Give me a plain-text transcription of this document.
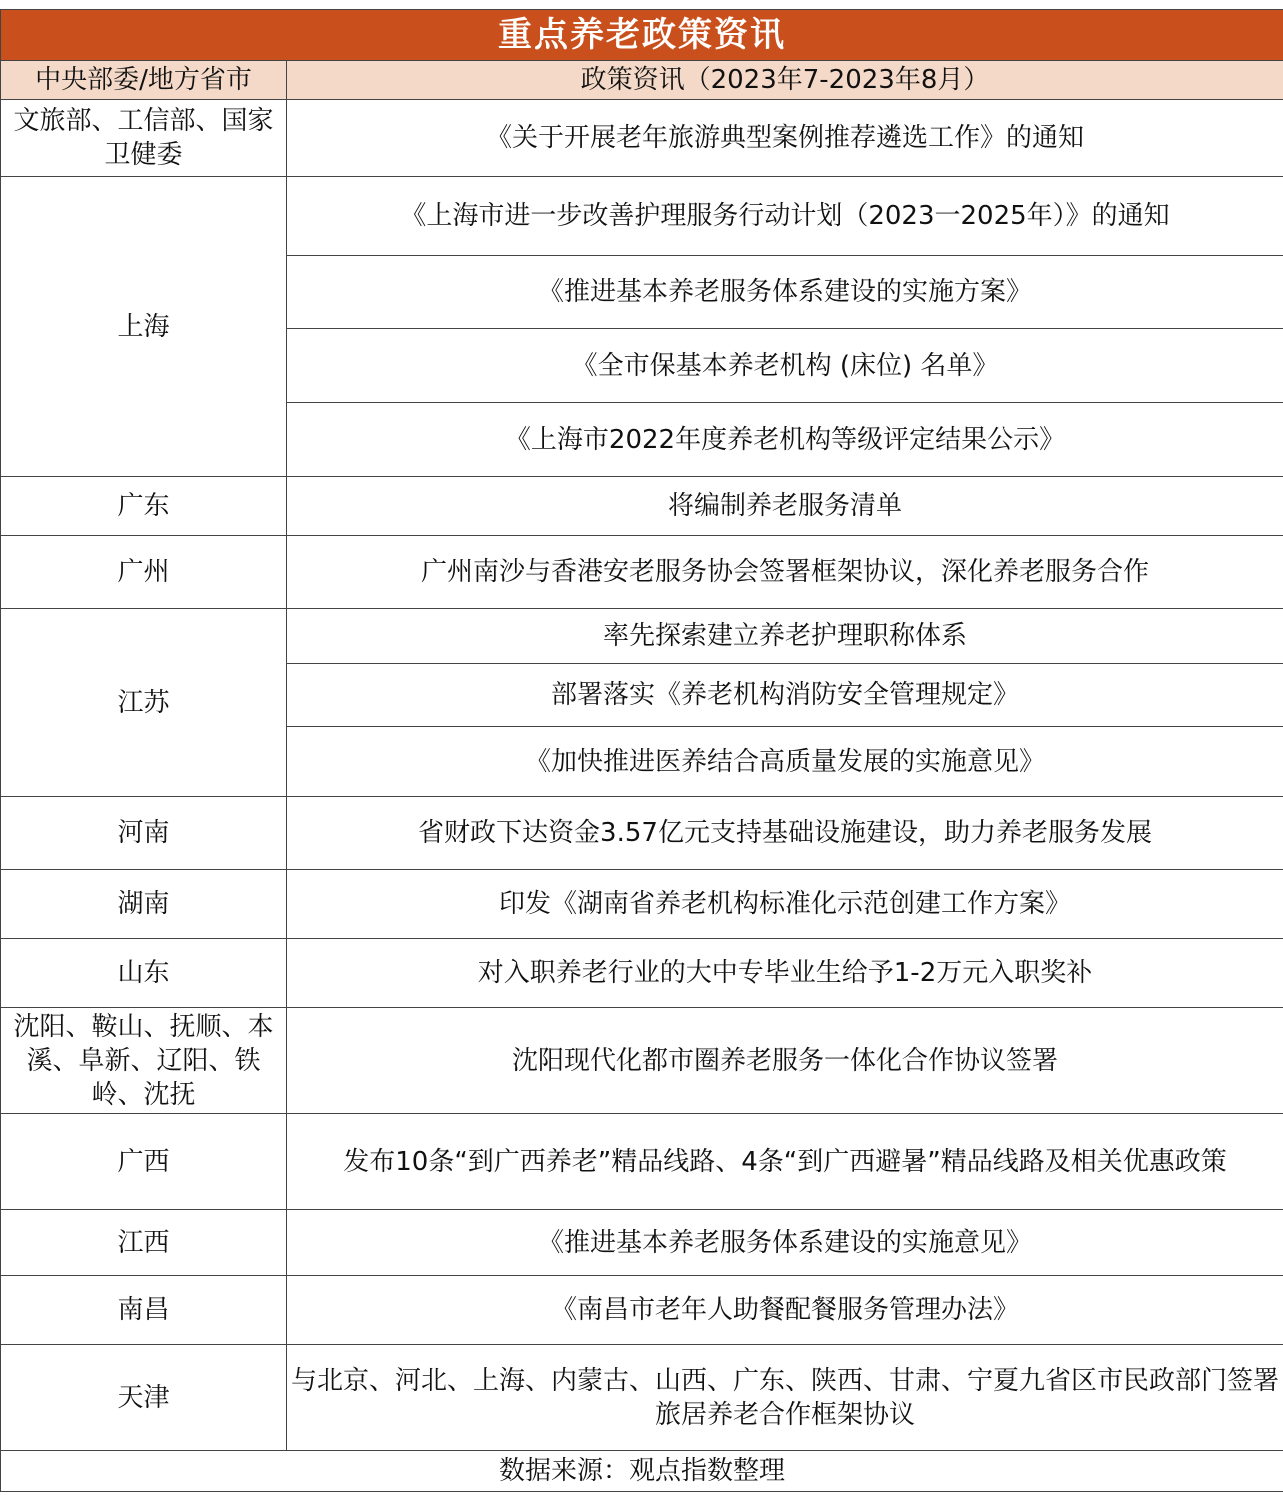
重点养老政策资讯	
中央部委/地方省市	政策资讯（2023年7-2023年8月）
文旅部、工信部、国家卫健委	《关于开展老年旅游典型案例推荐遴选工作》的通知
上海	《上海市进一步改善护理服务行动计划（2023一2025年）》的通知
	《推进基本养老服务体系建设的实施方案》
	《全市保基本养老机构 (床位) 名单》
	《上海市2022年度养老机构等级评定结果公示》
广东	将编制养老服务清单
广州	广州南沙与香港安老服务协会签署框架协议，深化养老服务合作
江苏	率先探索建立养老护理职称体系
	部署落实《养老机构消防安全管理规定》
	《加快推进医养结合高质量发展的实施意见》
河南	省财政下达资金3.57亿元支持基础设施建设，助力养老服务发展
湖南	印发《湖南省养老机构标准化示范创建工作方案》
山东	对入职养老行业的大中专毕业生给予1-2万元入职奖补
沈阳、鞍山、抚顺、本溪、阜新、辽阳、铁岭、沈抚	沈阳现代化都市圈养老服务一体化合作协议签署
广西	发布10条“到广西养老”精品线路、4条“到广西避暑”精品线路及相关优惠政策
江西	《推进基本养老服务体系建设的实施意见》
南昌	《南昌市老年人助餐配餐服务管理办法》
天津	与北京、河北、上海、内蒙古、山西、广东、陕西、甘肃、宁夏九省区市民政部门签署旅居养老合作框架协议
数据来源：观点指数整理	
